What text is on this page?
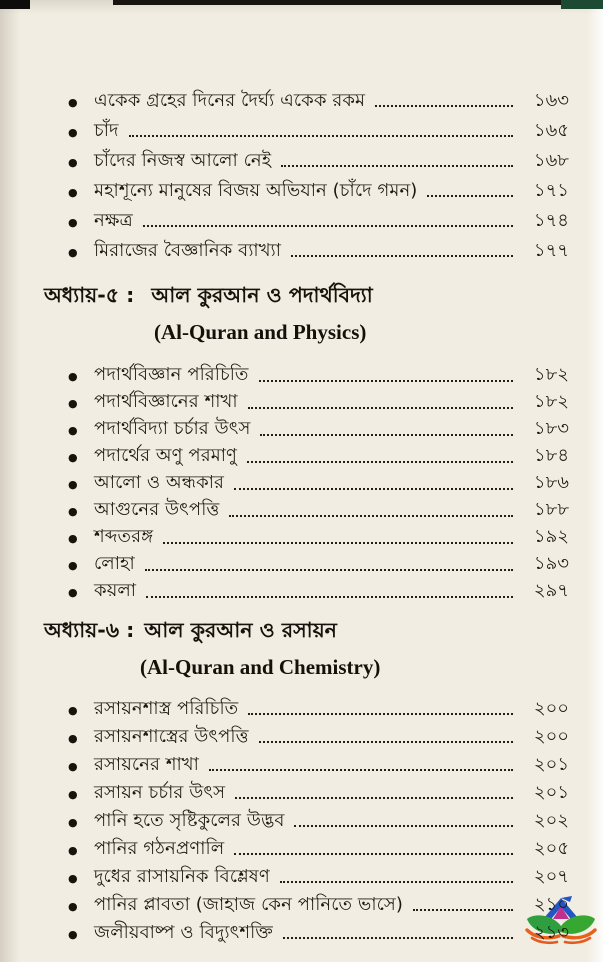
● একেক গ্রহের দিনের দৈর্ঘ্য একেক রকম	১৬৩
● চাঁদ	১৬৫
● চাঁদের নিজস্ব আলো নেই	১৬৮
● মহাশূন্যে মানুষের বিজয় অভিযান (চাঁদে গমন)	১৭১
● নক্ষত্র	১৭৪
● মিরাজের বৈজ্ঞানিক ব্যাখ্যা	১৭৭
অধ্যায়-৫ : আল কুরআন ও পদার্থবিদ্যা
(Al-Quran and Physics)
● পদার্থবিজ্ঞান পরিচিতি	১৮২
● পদার্থবিজ্ঞানের শাখা	১৮২
● পদার্থবিদ্যা চর্চার উৎস	১৮৩
● পদার্থের অণু পরমাণু	১৮৪
● আলো ও অন্ধকার	১৮৬
● আগুনের উৎপত্তি	১৮৮
● শব্দতরঙ্গ	১৯২
● লোহা	১৯৩
● কয়লা	২৯৭
অধ্যায়-৬ : আল কুরআন ও রসায়ন
(Al-Quran and Chemistry)
● রসায়নশাস্ত্র পরিচিতি	২০০
● রসায়নশাস্ত্রের উৎপত্তি	২০০
● রসায়নের শাখা	২০১
● রসায়ন চর্চার উৎস	২০১
● পানি হতে সৃষ্টিকুলের উদ্ভব	২০২
● পানির গঠনপ্রণালি	২০৫
● দুধের রাসায়নিক বিশ্লেষণ	২০৭
● পানির প্লাবতা (জাহাজ কেন পানিতে ভাসে)	২১০
● জলীয়বাষ্প ও বিদ্যুৎশক্তি	২১৩
